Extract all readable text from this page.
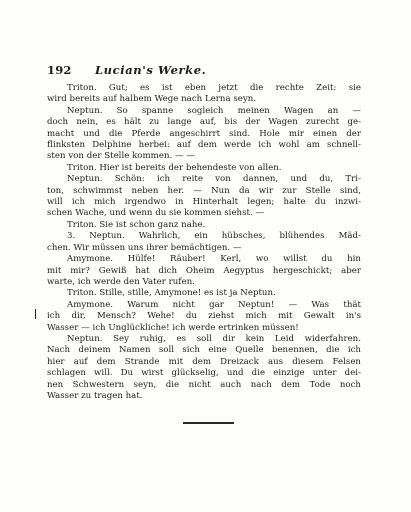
192	Lucian's Werke.
Triton. Gut; es ist eben jetzt die rechte Zeit: sie
wird bereits auf halbem Wege nach Lerna seyn.
Neptun. So spanne sogleich meinen Wagen an —
doch nein, es hält zu lange auf, bis der Wagen zurecht ge-
macht und die Pferde angeschirrt sind. Hole mir einen der
flinksten Delphine herbei: auf dem werde ich wohl am schnell-
sten von der Stelle kommen. — —
Triton. Hier ist bereits der behendeste von allen.
Neptun. Schön: ich reite von dannen, und du, Tri-
ton, schwimmst neben her. — Nun da wir zur Stelle sind,
will ich mich irgendwo in Hinterhalt legen; halte du inzwi-
schen Wache, und wenn du sie kommen siehst. —
Triton. Sie ist schon ganz nahe.
3. Neptun. Wahrlich, ein hübsches, blühendes Mäd-
chen. Wir müssen uns ihrer bemächtigen. —
Amymone. Hülfe! Räuber! Kerl, wo willst du hin
mit mir? Gewiß hat dich Oheim Aegyptus hergeschickt; aber
warte, ich werde den Vater rufen.
Triton. Stille, stille, Amymone! es ist ja Neptun.
Amymone. Warum nicht gar Neptun! — Was thät
ich dir, Mensch? Wehe! du ziehst mich mit Gewalt in's
Wasser — ich Unglückliche! ich werde ertrinken müssen!
Neptun. Sey ruhig, es soll dir kein Leid widerfahren.
Nach deinem Namen soll sich eine Quelle benennen, die ich
hier auf dem Strande mit dem Dreizack aus diesem Felsen
schlagen will. Du wirst glückselig, und die einzige unter dei-
nen Schwestern seyn, die nicht auch nach dem Tode noch
Wasser zu tragen hat.
